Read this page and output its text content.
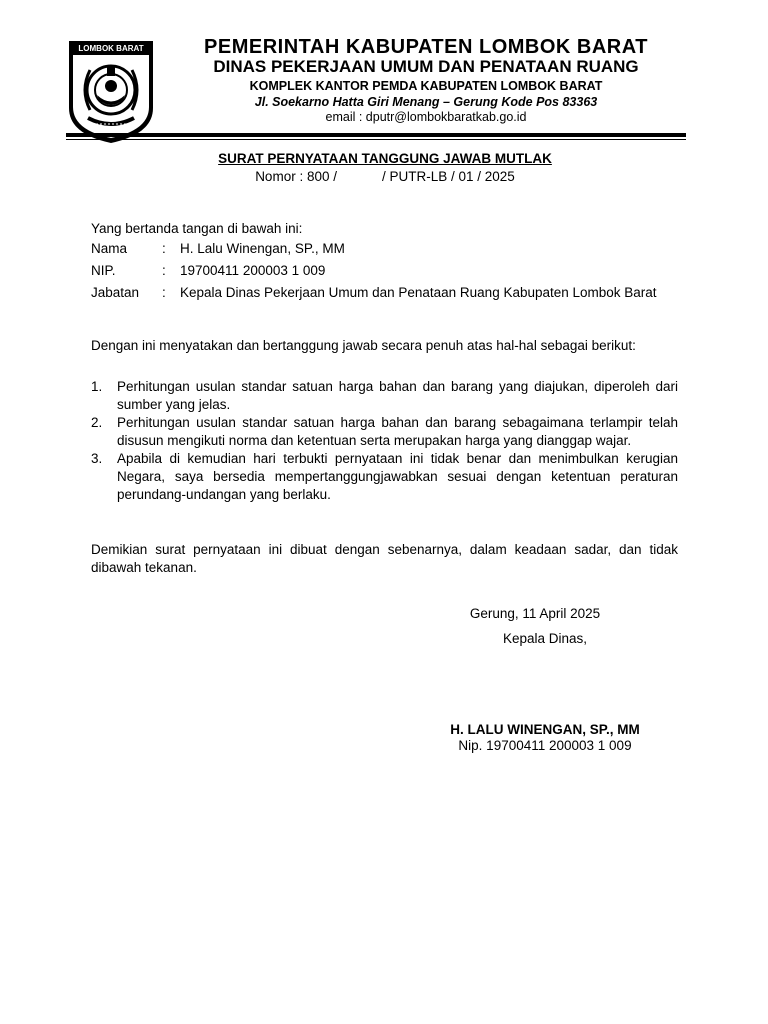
LOMBOK BARAT	PEMERINTAH KABUPATEN LOMBOK BARAT
DINAS PEKERJAAN UMUM DAN PENATAAN RUANG
KOMPLEK KANTOR PEMDA KABUPATEN LOMBOK BARAT
Jl. Soekarno Hatta Giri Menang – Gerung Kode Pos 83363
email : dputr@lombokbaratkab.go.id
SURAT PERNYATAAN TANGGUNG JAWAB MUTLAK
Nomor : 800 /            / PUTR-LB / 01 / 2025
Yang bertanda tangan di bawah ini:
Nama	:	H. Lalu Winengan, SP., MM
NIP.	:	19700411 200003 1 009
Jabatan	:	Kepala Dinas Pekerjaan Umum dan Penataan Ruang Kabupaten Lombok Barat
Dengan ini menyatakan dan bertanggung jawab secara penuh atas hal-hal sebagai berikut:
1.	Perhitungan usulan standar satuan harga bahan dan barang yang diajukan, diperoleh dari sumber yang jelas.
2.	Perhitungan usulan standar satuan harga bahan dan barang sebagaimana terlampir telah disusun mengikuti norma dan ketentuan serta merupakan harga yang dianggap wajar.
3.	Apabila di kemudian hari terbukti pernyataan ini tidak benar dan menimbulkan kerugian Negara, saya bersedia mempertanggungjawabkan sesuai dengan ketentuan peraturan perundang-undangan yang berlaku.
Demikian surat pernyataan ini dibuat dengan sebenarnya, dalam keadaan sadar, dan tidak dibawah tekanan.
Gerung, 11 April 2025
Kepala Dinas,
H. LALU WINENGAN, SP., MM
Nip. 19700411 200003 1 009
